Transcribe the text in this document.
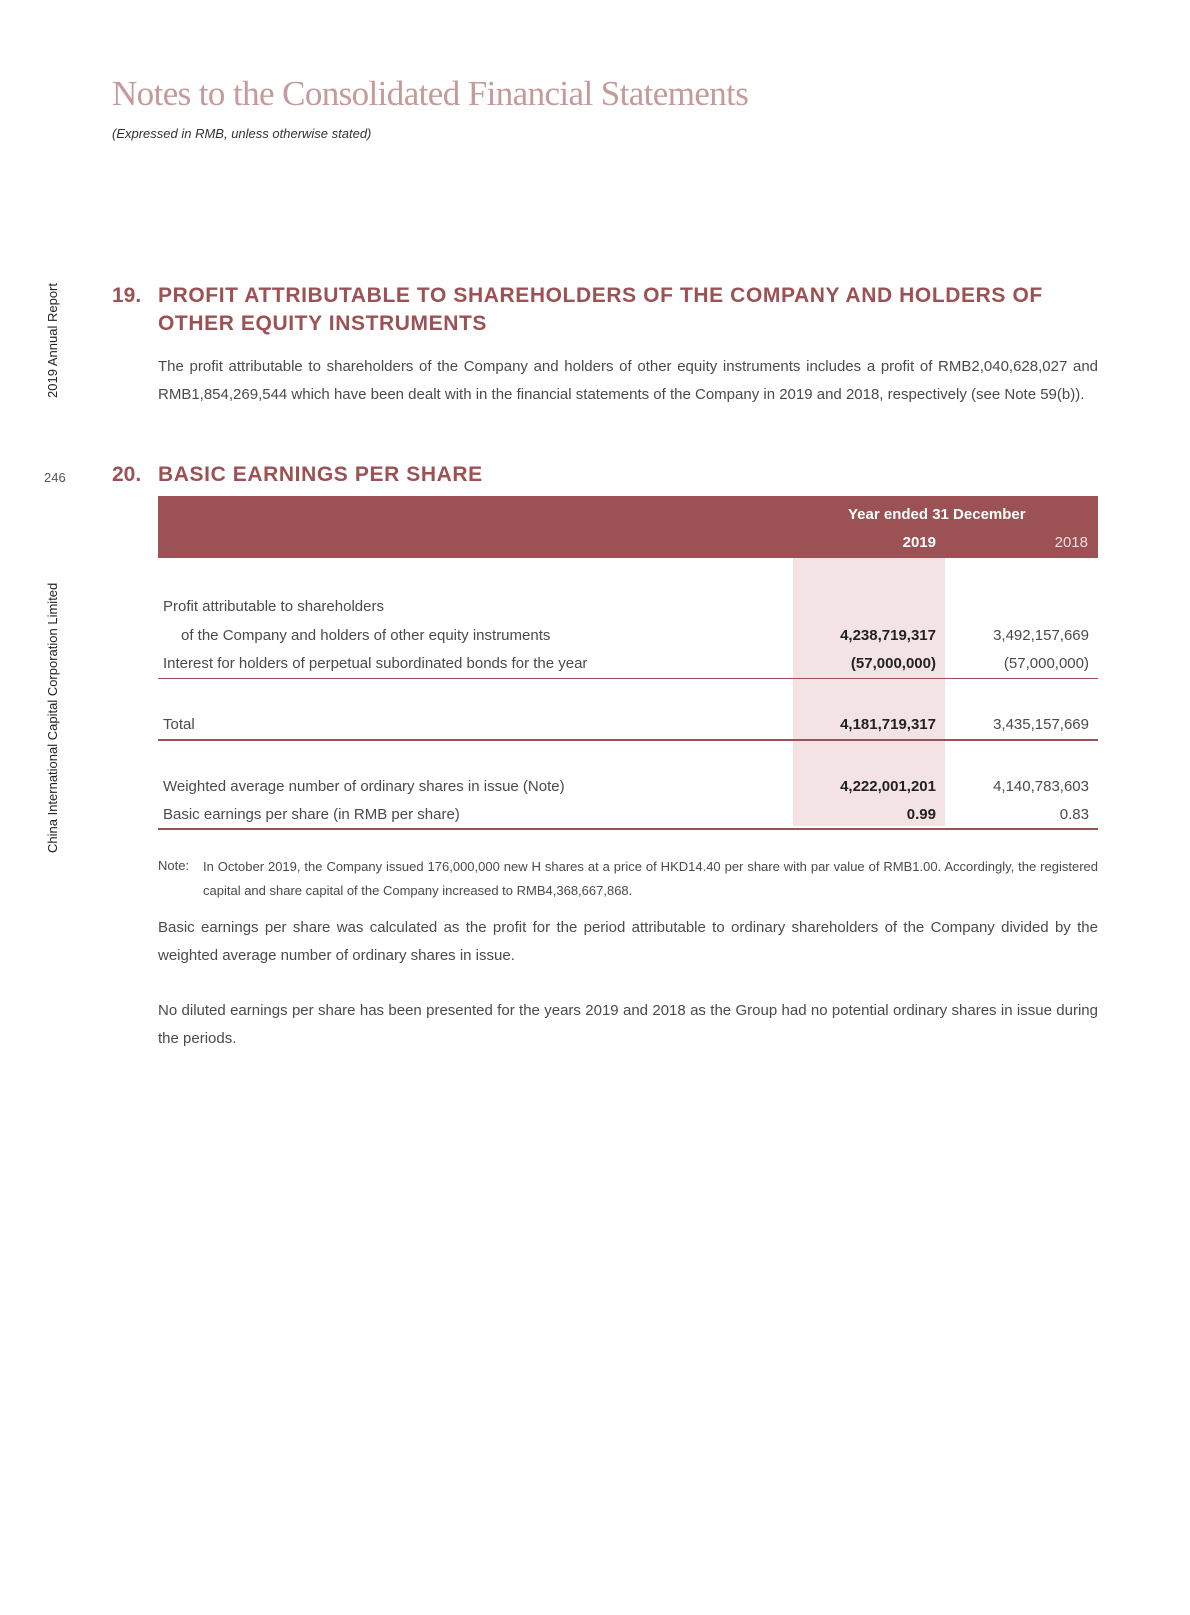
Notes to the Consolidated Financial Statements
(Expressed in RMB, unless otherwise stated)
2019 Annual Report
246
China International Capital Corporation Limited
19. PROFIT ATTRIBUTABLE TO SHAREHOLDERS OF THE COMPANY AND HOLDERS OF
OTHER EQUITY INSTRUMENTS
The profit attributable to shareholders of the Company and holders of other equity instruments includes a profit of RMB2,040,628,027 and RMB1,854,269,544 which have been dealt with in the financial statements of the Company in 2019 and 2018, respectively (see Note 59(b)).
20. BASIC EARNINGS PER SHARE
Year ended 31 December
2019	2018
Profit attributable to shareholders
of the Company and holders of other equity instruments	4,238,719,317	3,492,157,669
Interest for holders of perpetual subordinated bonds for the year	(57,000,000)	(57,000,000)
Total	4,181,719,317	3,435,157,669
Weighted average number of ordinary shares in issue (Note)	4,222,001,201	4,140,783,603
Basic earnings per share (in RMB per share)	0.99	0.83
Note: In October 2019, the Company issued 176,000,000 new H shares at a price of HKD14.40 per share with par value of RMB1.00. Accordingly, the registered capital and share capital of the Company increased to RMB4,368,667,868.
Basic earnings per share was calculated as the profit for the period attributable to ordinary shareholders of the Company divided by the weighted average number of ordinary shares in issue.
No diluted earnings per share has been presented for the years 2019 and 2018 as the Group had no potential ordinary shares in issue during the periods.
